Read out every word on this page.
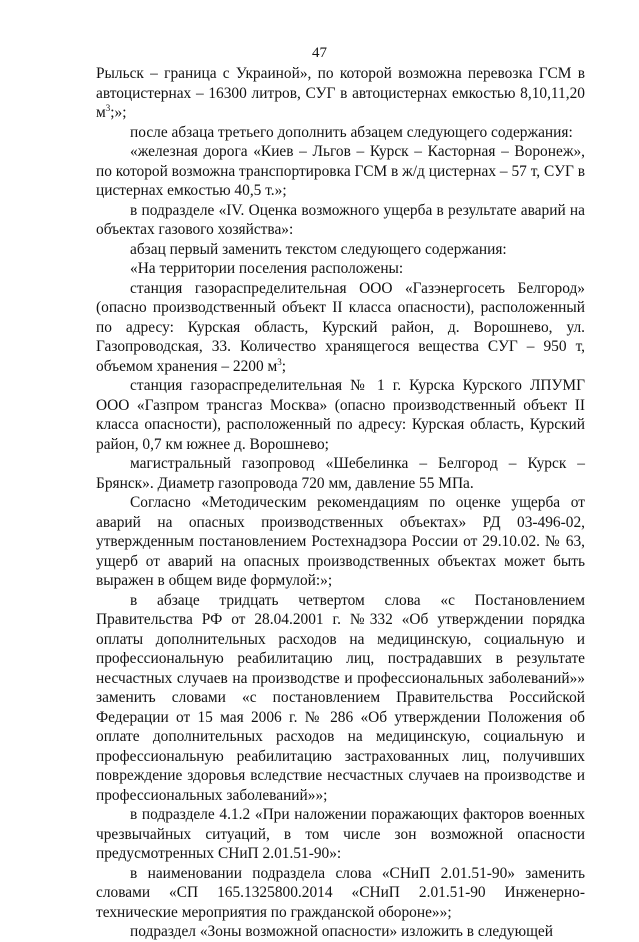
47

Рыльск – граница с Украиной», по которой возможна перевозка ГСМ в автоцистернах – 16300 литров, СУГ в автоцистернах емкостью 8,10,11,20 $м^3$;»;

после абзаца третьего дополнить абзацем следующего содержания:

«железная дорога «Киев – Льгов – Курск – Касторная – Воронеж», по которой возможна транспортировка ГСМ в ж/д цистернах – 57 т, СУГ в цистернах емкостью 40,5 т.»;

в подразделе «IV. Оценка возможного ущерба в результате аварий на объектах газового хозяйства»:

абзац первый заменить текстом следующего содержания:

«На территории поселения расположены:

станция газораспределительная ООО «Газэнергосеть Белгород» (опасно производственный объект II класса опасности), расположенный по адресу: Курская область, Курский район, д. Ворошнево, ул. Газопроводская, 33. Количество хранящегося вещества СУГ – 950 т, объемом хранения – 2200 $м^3$;

станция газораспределительная № 1 г. Курска Курского ЛПУМГ ООО «Газпром трансгаз Москва» (опасно производственный объект II класса опасности), расположенный по адресу: Курская область, Курский район, 0,7 км южнее д. Ворошнево;

магистральный газопровод «Шебелинка – Белгород – Курск – Брянск». Диаметр газопровода 720 мм, давление 55 МПа.

Согласно «Методическим рекомендациям по оценке ущерба от аварий на опасных производственных объектах» РД 03-496-02, утвержденным постановлением Ростехнадзора России от 29.10.02. № 63, ущерб от аварий на опасных производственных объектах может быть выражен в общем виде формулой:»;

в абзаце тридцать четвертом слова «с Постановлением Правительства РФ от 28.04.2001 г. №332 «Об утверждении порядка оплаты дополнительных расходов на медицинскую, социальную и профессиональную реабилитацию лиц, пострадавших в результате несчастных случаев на производстве и профессиональных заболеваний»» заменить словами «с постановлением Правительства Российской Федерации от 15 мая 2006 г. № 286 «Об утверждении Положения об оплате дополнительных расходов на медицинскую, социальную и профессиональную реабилитацию застрахованных лиц, получивших повреждение здоровья вследствие несчастных случаев на производстве и профессиональных заболеваний»»;

в подразделе 4.1.2 «При наложении поражающих факторов военных чрезвычайных ситуаций, в том числе зон возможной опасности предусмотренных СНиП 2.01.51-90»:

в наименовании подраздела слова «СНиП 2.01.51-90» заменить словами «СП 165.1325800.2014 «СНиП 2.01.51-90 Инженерно-технические мероприятия по гражданской обороне»»;

подраздел «Зоны возможной опасности» изложить в следующей
